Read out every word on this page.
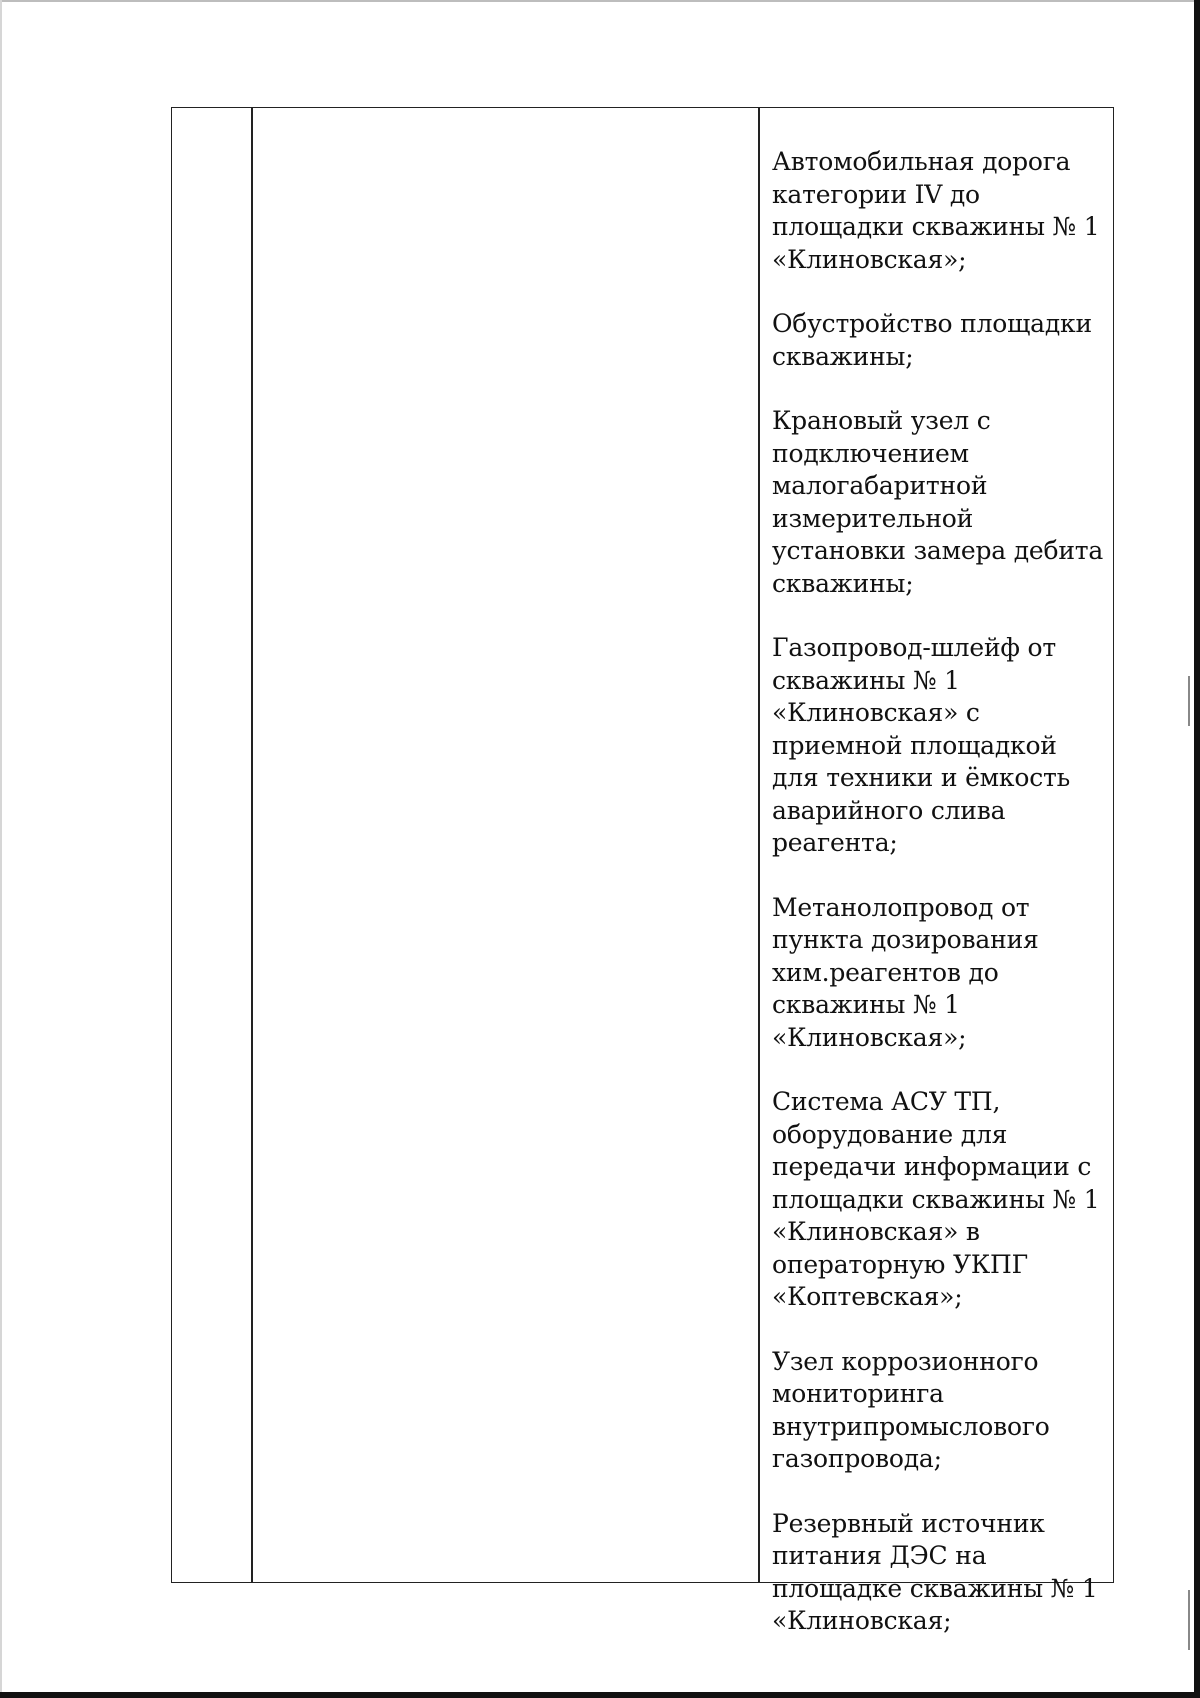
Автомобильная дорога категории IV до площадки скважины № 1 «Клиновская»;

Обустройство площадки скважины;

Крановый узел с подключением малогабаритной измерительной установки замера дебита скважины;

Газопровод-шлейф от скважины № 1 «Клиновская» с приемной площадкой для техники и ёмкость аварийного слива реагента;

Метанолопровод от пункта дозирования хим.реагентов до скважины № 1 «Клиновская»;

Система АСУ ТП, оборудование для передачи информации с площадки скважины № 1 «Клиновская» в операторную УКПГ «Коптевская»;

Узел коррозионного мониторинга внутрипромыслового газопровода;

Резервный источник питания ДЭС на площадке скважины № 1 «Клиновская;
